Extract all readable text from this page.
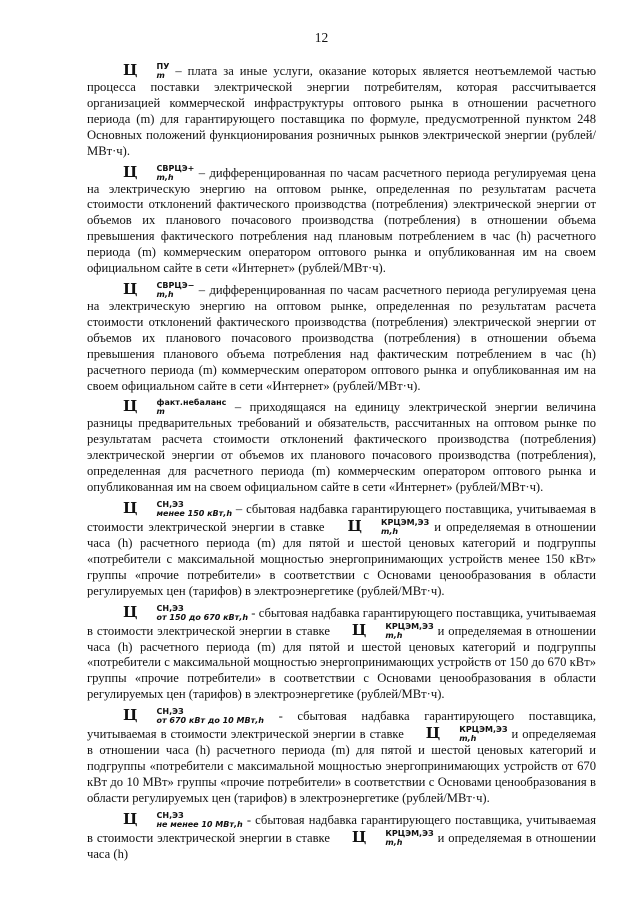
12

Ц	ПУ
m – плата за иные услуги, оказание которых является неотъемлемой частью процесса поставки электрической энергии потребителям, которая рассчитывается организацией коммерческой инфраструктуры оптового рынка в отношении расчетного периода (m) для гарантирующего поставщика по формуле, предусмотренной пунктом 248 Основных положений функционирования розничных рынков электрической энергии (рублей/МВт·ч).

Ц	СВРЦЭ+
m,h	– дифференцированная по часам расчетного периода регулируемая цена на электрическую энергию на оптовом рынке, определенная по результатам расчета стоимости отклонений фактического производства (потребления) электрической энергии от объемов их планового почасового производства (потребления) в отношении объема превышения фактического потребления над плановым потреблением в час (h) расчетного периода (m) коммерческим оператором оптового рынка и опубликованная им на своем официальном сайте в сети «Интернет» (рублей/МВт·ч).

Ц	СВРЦЭ−
m,h	– дифференцированная по часам расчетного периода регулируемая цена на электрическую энергию на оптовом рынке, определенная по результатам расчета стоимости отклонений фактического производства (потребления) электрической энергии от объемов их планового почасового производства (потребления) в отношении объема превышения планового объема потребления над фактическим потреблением в час (h) расчетного периода (m) коммерческим оператором оптового рынка и опубликованная им на своем официальном сайте в сети «Интернет» (рублей/МВт·ч).

Ц	факт.небаланс
m	– приходящаяся на единицу электрической энергии величина разницы предварительных требований и обязательств, рассчитанных на оптовом рынке по результатам расчета стоимости отклонений фактического производства (потребления) электрической энергии от объемов их планового почасового производства (потребления), определенная для расчетного периода (m) коммерческим оператором оптового рынка и опубликованная им на своем официальном сайте в сети «Интернет» (рублей/МВт·ч).

Ц	СН,ЭЗ
менее 150 кВт,h – сбытовая надбавка гарантирующего поставщика, учитываемая в стоимости электрической энергии в ставке Ц	КРЦЭМ,ЭЗ
m,h	и определяемая в отношении часа (h) расчетного периода (m) для пятой и шестой ценовых категорий и подгруппы «потребители с максимальной мощностью энергопринимающих устройств менее 150 кВт» группы «прочие потребители» в соответствии с Основами ценообразования в области регулируемых цен (тарифов) в электроэнергетике (рублей/МВт·ч).

Ц	СН,ЭЗ
от 150 до 670 кВт,h - сбытовая надбавка гарантирующего поставщика, учитываемая в стоимости электрической энергии в ставке Ц	КРЦЭМ,ЭЗ
m,h	и определяемая в отношении часа (h) расчетного периода (m) для пятой и шестой ценовых категорий и подгруппы «потребители с максимальной мощностью энергопринимающих устройств от 150 до 670 кВт» группы «прочие потребители» в соответствии с Основами ценообразования в области регулируемых цен (тарифов) в электроэнергетике (рублей/МВт·ч).

Ц	СН,ЭЗ
от 670 кВт до 10 МВт,h - сбытовая надбавка гарантирующего поставщика, учитываемая в стоимости электрической энергии в ставке Ц	КРЦЭМ,ЭЗ
m,h	и определяемая в отношении часа (h) расчетного периода (m) для пятой и шестой ценовых категорий и подгруппы «потребители с максимальной мощностью энергопринимающих устройств от 670 кВт до 10 МВт» группы «прочие потребители» в соответствии с Основами ценообразования в области регулируемых цен (тарифов) в электроэнергетике (рублей/МВт·ч).

Ц	СН,ЭЗ
не менее 10 МВт,h - сбытовая надбавка гарантирующего поставщика, учитываемая в стоимости электрической энергии в ставке Ц	КРЦЭМ,ЭЗ
m,h	и определяемая в отношении часа (h)
